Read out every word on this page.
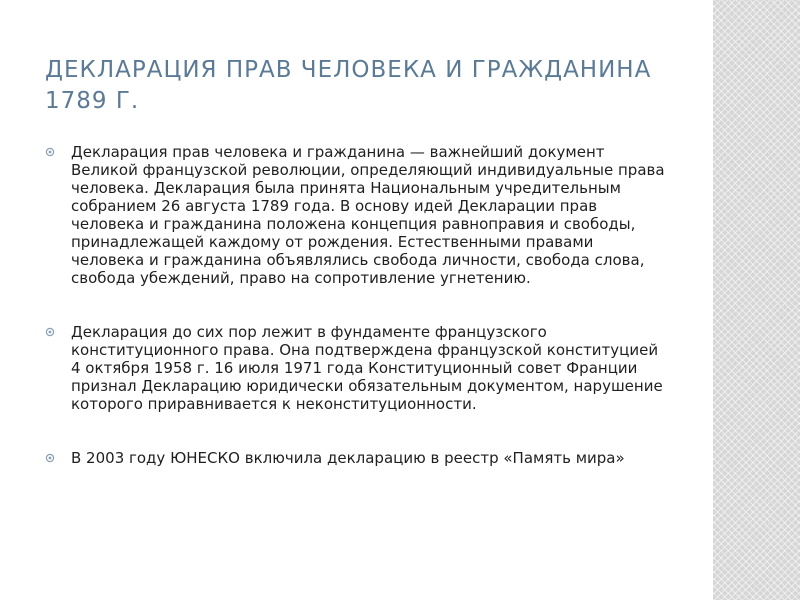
ДЕКЛАРАЦИЯ ПРАВ ЧЕЛОВЕКА И ГРАЖДАНИНА 1789 Г.
Декларация прав человека и гражданина — важнейший документ Великой французской революции, определяющий индивидуальные права человека. Декларация была принята Национальным учредительным собранием 26 августа 1789 года. В основу идей Декларации прав человека и гражданина положена концепция равноправия и свободы, принадлежащей каждому от рождения. Естественными правами человека и гражданина объявлялись свобода личности, свобода слова, свобода убеждений, право на сопротивление угнетению.
Декларация до сих пор лежит в фундаменте французского конституционного права. Она подтверждена французской конституцией 4 октября 1958 г. 16 июля 1971 года Конституционный совет Франции признал Декларацию юридически обязательным документом, нарушение которого приравнивается к неконституционности.
В 2003 году ЮНЕСКО включила декларацию в реестр «Память мира»
